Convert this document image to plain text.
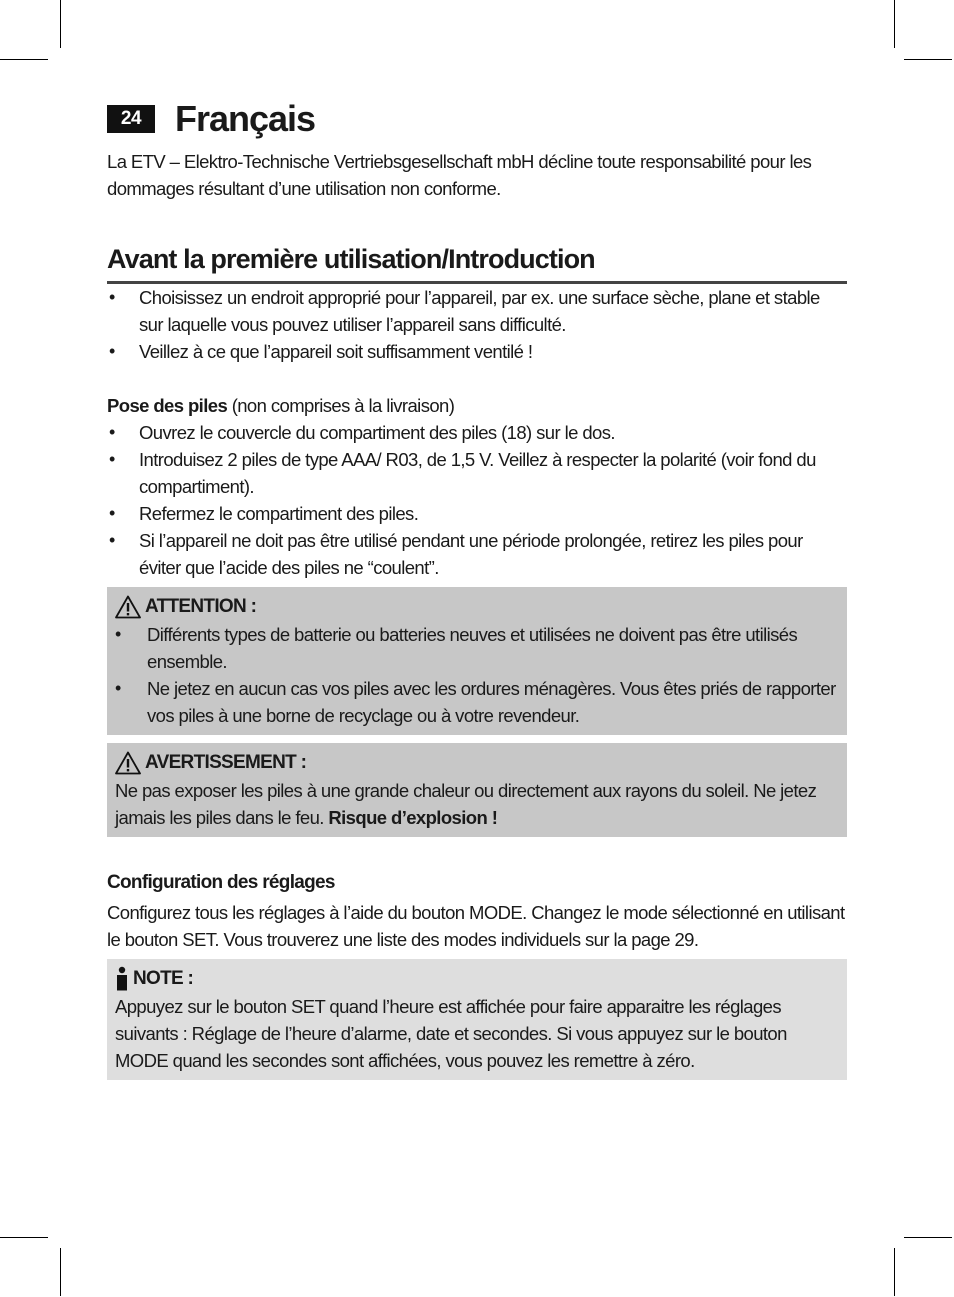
24 Français

La ETV – Elektro-Technische Vertriebsgesellschaft mbH décline toute responsabilité pour les dommages résultant d’une utilisation non conforme.

Avant la première utilisation/Introduction
• Choisissez un endroit approprié pour l’appareil, par ex. une surface sèche, plane et stable sur laquelle vous pouvez utiliser l’appareil sans difficulté.
• Veillez à ce que l’appareil soit suffisamment ventilé !
Pose des piles (non comprises à la livraison)
• Ouvrez le couvercle du compartiment des piles (18) sur le dos.
• Introduisez 2 piles de type AAA/ R03, de 1,5 V. Veillez à respecter la polarité (voir fond du compartiment).
• Refermez le compartiment des piles.
• Si l’appareil ne doit pas être utilisé pendant une période prolongée, retirez les piles pour éviter que l’acide des piles ne “coulent”.
ATTENTION :
• Différents types de batterie ou batteries neuves et utilisées ne doivent pas être utilisés ensemble.
• Ne jetez en aucun cas vos piles avec les ordures ménagères. Vous êtes priés de rapporter vos piles à une borne de recyclage ou à votre revendeur.
AVERTISSEMENT :

Ne pas exposer les piles à une grande chaleur ou directement aux rayons du soleil. Ne jetez jamais les piles dans le feu. Risque d’explosion !

Configuration des réglages

Configurez tous les réglages à l’aide du bouton MODE. Changez le mode sélectionné en utilisant le bouton SET. Vous trouverez une liste des modes individuels sur la page 29.

NOTE :

Appuyez sur le bouton SET quand l’heure est affichée pour faire apparaitre les réglages suivants : Réglage de l’heure d’alarme, date et secondes. Si vous appuyez sur le bouton MODE quand les secondes sont affichées, vous pouvez les remettre à zéro.
